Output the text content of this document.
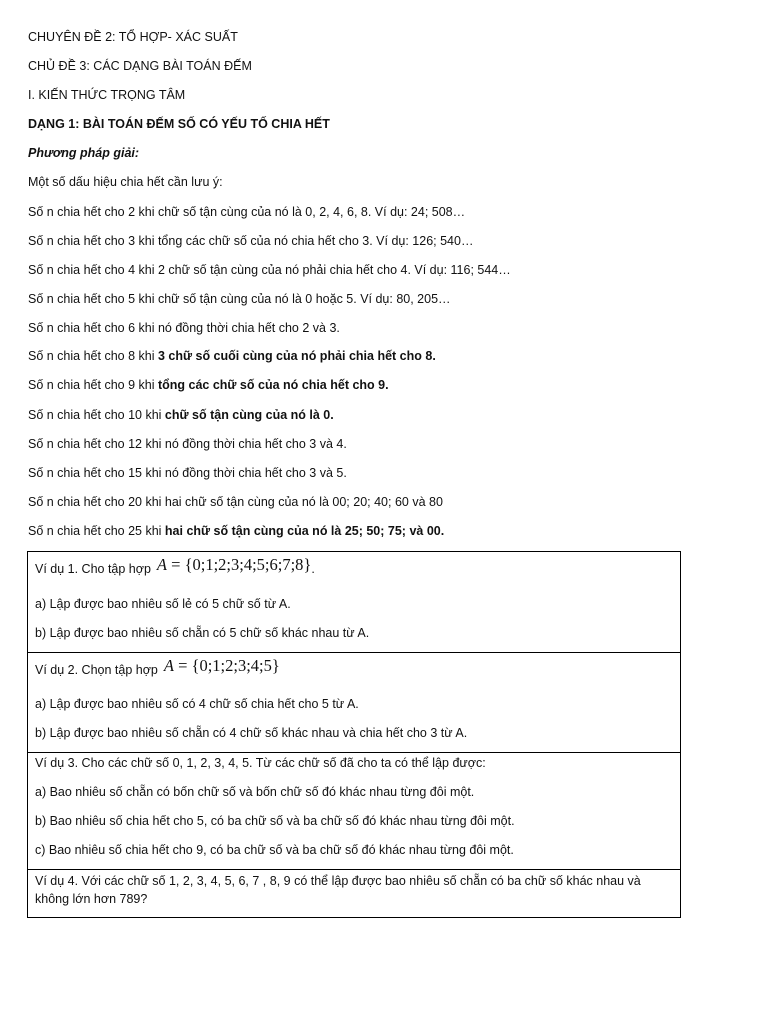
CHUYÊN ĐỀ 2: TỔ HỢP- XÁC SUẤT
CHỦ ĐỀ 3: CÁC DẠNG BÀI TOÁN ĐẾM
I. KIẾN THỨC TRỌNG TÂM
DẠNG 1: BÀI TOÁN ĐẾM SỐ CÓ YẾU TỐ CHIA HẾT
Phương pháp giải:
Một số dấu hiệu chia hết cần lưu ý:
Số n chia hết cho 2 khi chữ số tận cùng của nó là 0, 2, 4, 6, 8. Ví dụ: 24; 508…
Số n chia hết cho 3 khi tổng các chữ số của nó chia hết cho 3. Ví dụ: 126; 540…
Số n chia hết cho 4 khi 2 chữ số tận cùng của nó phải chia hết cho 4. Ví dụ: 116; 544…
Số n chia hết cho 5 khi chữ số tận cùng của nó là 0 hoặc 5. Ví dụ: 80, 205…
Số n chia hết cho 6 khi nó đồng thời chia hết cho 2 và 3.
Số n chia hết cho 8 khi 3 chữ số cuối cùng của nó phải chia hết cho 8.
Số n chia hết cho 9 khi tổng các chữ số của nó chia hết cho 9.
Số n chia hết cho 10 khi chữ số tận cùng của nó là 0.
Số n chia hết cho 12 khi nó đồng thời chia hết cho 3 và 4.
Số n chia hết cho 15 khi nó đồng thời chia hết cho 3 và 5.
Số n chia hết cho 20 khi hai chữ số tận cùng của nó là 00; 20; 40; 60 và 80
Số n chia hết cho 25 khi hai chữ số tận cùng của nó là 25; 50; 75; và 00.
Ví dụ 1. Cho tập hợp A = {0;1;2;3;4;5;6;7;8}.
a) Lập được bao nhiêu số lẻ có 5 chữ số từ A.
b) Lập được bao nhiêu số chẵn có 5 chữ số khác nhau từ A.
Ví dụ 2. Chọn tập hợp A = {0;1;2;3;4;5}
a) Lập được bao nhiêu số có 4 chữ số chia hết cho 5 từ A.
b) Lập được bao nhiêu số chẵn có 4 chữ số khác nhau và chia hết cho 3 từ A.
Ví dụ 3. Cho các chữ số 0, 1, 2, 3, 4, 5. Từ các chữ số đã cho ta có thể lập được:
a) Bao nhiêu số chẵn có bốn chữ số và bốn chữ số đó khác nhau từng đôi một.
b) Bao nhiêu số chia hết cho 5, có ba chữ số và ba chữ số đó khác nhau từng đôi một.
c) Bao nhiêu số chia hết cho 9, có ba chữ số và ba chữ số đó khác nhau từng đôi một.
Ví dụ 4. Với các chữ số 1, 2, 3, 4, 5, 6, 7 , 8, 9 có thể lập được bao nhiêu số chẵn có ba chữ số khác nhau và không lớn hơn 789?
